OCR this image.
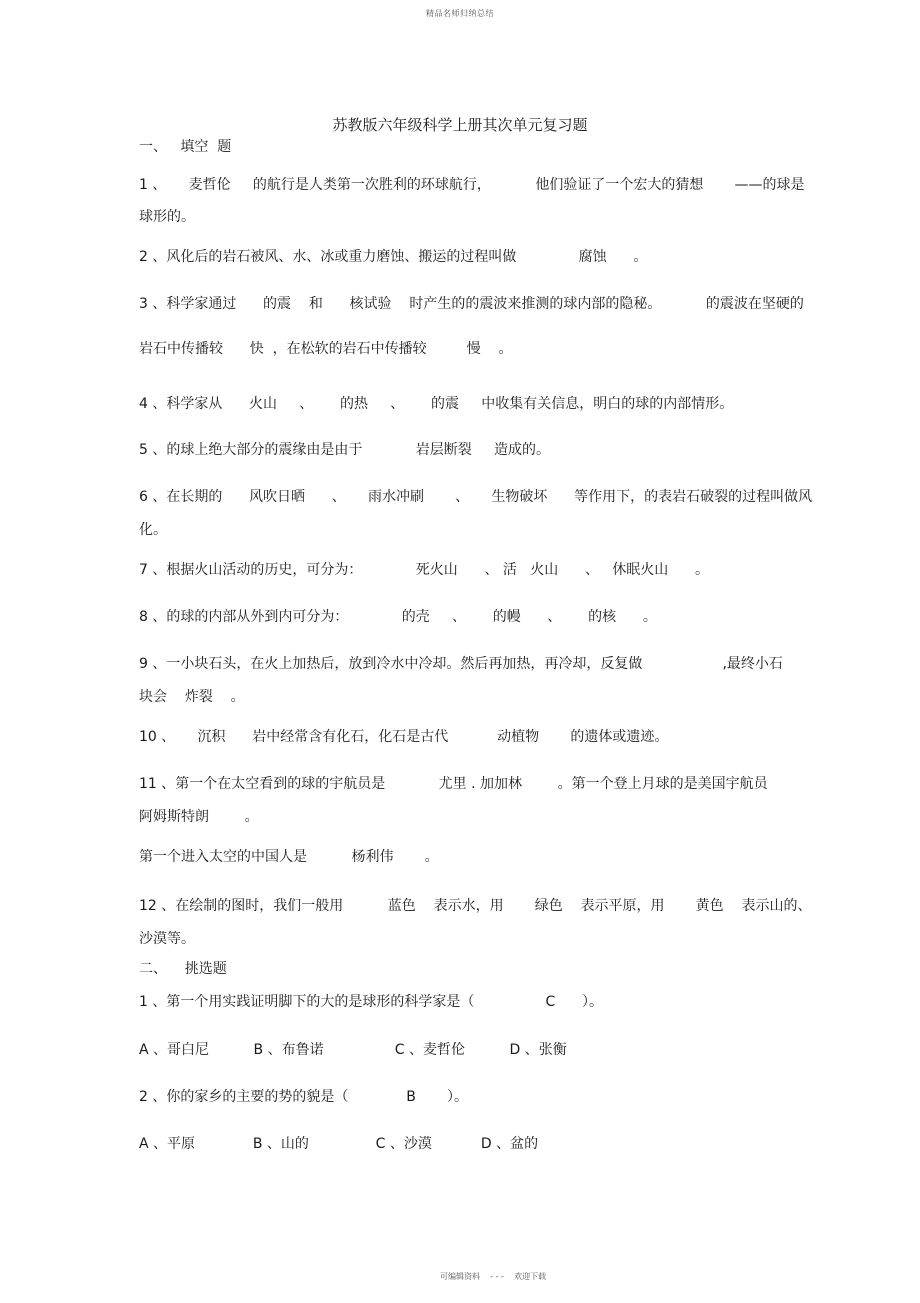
精品名师归纳总结
苏教版六年级科学上册其次单元复习题
一、   填空  题
1 、     麦哲伦     的航行是人类第一次胜利的环球航行，          他们验证了一个宏大的猜想       ——的球是
球形的。
2 、风化后的岩石被风、水、冰或重力磨蚀、搬运的过程叫做              腐蚀      。
3 、科学家通过      的震    和      核试验    时产生的的震波来推测的球内部的隐秘。          的震波在坚硬的
岩石中传播较      快  ，在松软的岩石中传播较         慢    。
4 、科学家从      火山     、      的热     、      的震     中收集有关信息，明白的球的内部情形。
5 、的球上绝大部分的震缘由是由于            岩层断裂     造成的。
6 、在长期的      风吹日晒      、     雨水冲刷       、     生物破坏      等作用下，的表岩石破裂的过程叫做风
化。
7 、根据火山活动的历史，可分为：            死火山      、 活   火山      、   休眠火山      。
8 、的球的内部从外到内可分为：            的壳     、      的幔      、      的核      。
9 、一小块石头，在火上加热后，放到冷水中冷却。然后再加热，再冷却，反复做                  ,最终小石
块会    炸裂    。
10 、     沉积      岩中经常含有化石，化石是古代           动植物       的遗体或遗迹。
11 、第一个在太空看到的球的宇航员是            尤里 . 加加林        。第一个登上月球的是美国宇航员
阿姆斯特朗        。
第一个进入太空的中国人是          杨利伟       。
12 、在绘制的图时，我们一般用          蓝色    表示水，用       绿色    表示平原，用       黄色    表示山的、
沙漠等。
二、    挑选题
1 、第一个用实践证明脚下的大的是球形的科学家是（                C      ）。
A 、哥白尼          B 、布鲁诺                C 、麦哲伦          D 、张衡
2 、你的家乡的主要的势的貌是（             B       ）。
A 、平原             B 、山的               C 、沙漠           D 、盆的
可编辑资料    - - -    欢迎下载
